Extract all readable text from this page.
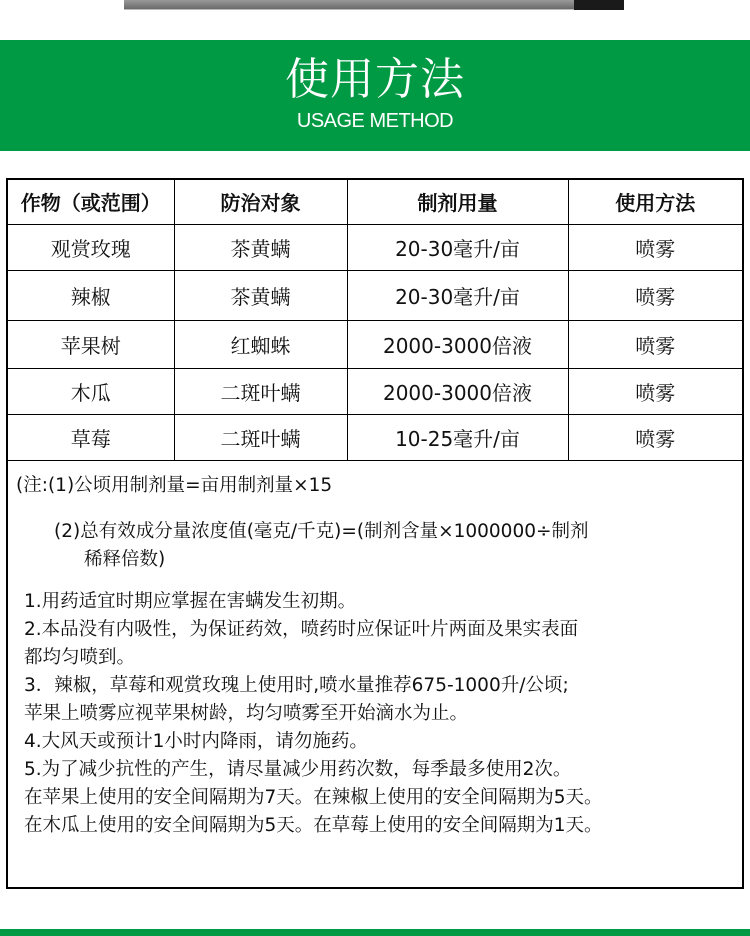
使用方法
USAGE METHOD
作物（或范围）	防治对象	制剂用量	使用方法
观赏玫瑰	茶黄螨	20-30毫升/亩	喷雾
辣椒	茶黄螨	20-30毫升/亩	喷雾
苹果树	红蜘蛛	2000-3000倍液	喷雾
木瓜	二斑叶螨	2000-3000倍液	喷雾
草莓	二斑叶螨	10-25毫升/亩	喷雾

(注:(1)公顷用制剂量=亩用制剂量×15

(2)总有效成分量浓度值(毫克/千克)=(制剂含量×1000000÷制剂

稀释倍数)

1.用药适宜时期应掌握在害螨发生初期。

2.本品没有内吸性，为保证药效，喷药时应保证叶片两面及果实表面

都均匀喷到。

3．辣椒，草莓和观赏玫瑰上使用时,喷水量推荐675-1000升/公顷;

苹果上喷雾应视苹果树龄，均匀喷雾至开始滴水为止。

4.大风天或预计1小时内降雨，请勿施药。

5.为了减少抗性的产生，请尽量减少用药次数，每季最多使用2次。

在苹果上使用的安全间隔期为7天。在辣椒上使用的安全间隔期为5天。

在木瓜上使用的安全间隔期为5天。在草莓上使用的安全间隔期为1天。
